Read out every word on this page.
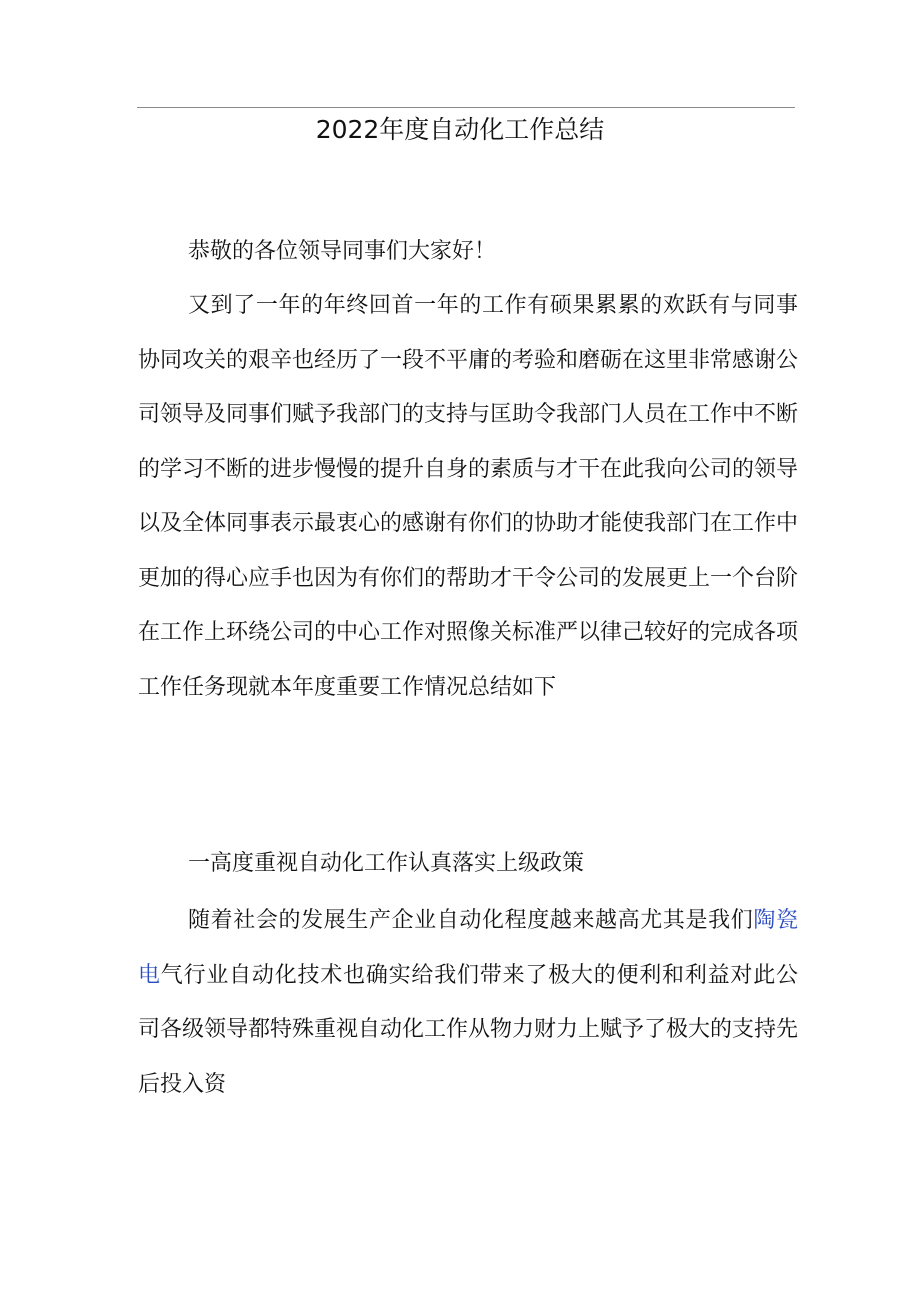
2022年度自动化工作总结

恭敬的各位领导同事们大家好！

又到了一年的年终回首一年的工作有硕果累累的欢跃有与同事协同攻关的艰辛也经历了一段不平庸的考验和磨砺在这里非常感谢公司领导及同事们赋予我部门的支持与匡助令我部门人员在工作中不断的学习不断的进步慢慢的提升自身的素质与才干在此我向公司的领导以及全体同事表示最衷心的感谢有你们的协助才能使我部门在工作中更加的得心应手也因为有你们的帮助才干令公司的发展更上一个台阶在工作上环绕公司的中心工作对照像关标准严以律己较好的完成各项工作任务现就本年度重要工作情况总结如下

一高度重视自动化工作认真落实上级政策

随着社会的发展生产企业自动化程度越来越高尤其是我们陶瓷电气行业自动化技术也确实给我们带来了极大的便利和利益对此公司各级领导都特殊重视自动化工作从物力财力上赋予了极大的支持先后投入资
